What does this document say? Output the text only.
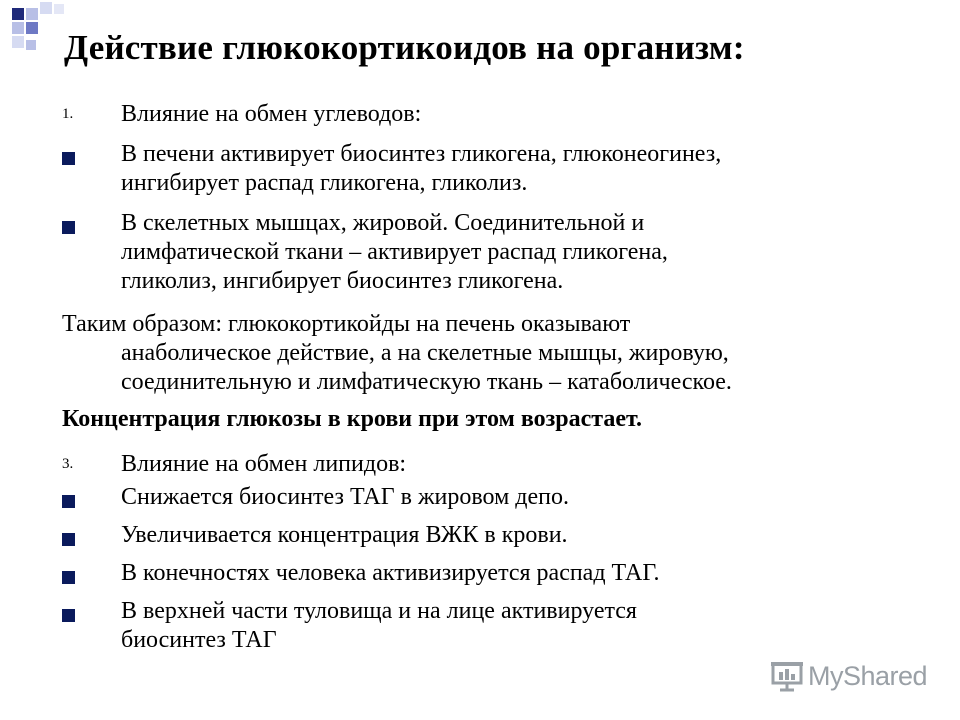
Действие глюкокортикоидов на организм:
1. Влияние на обмен углеводов:

В печени активирует биосинтез гликогена, глюконеогинез,
ингибирует распад гликогена, гликолиз.

В скелетных мышцах, жировой. Соединительной и
лимфатической ткани – активирует распад гликогена,
гликолиз, ингибирует биосинтез гликогена.

Таким образом: глюкокортикойды на печень оказывают
анаболическое действие, а на скелетные мышцы, жировую,
соединительную и лимфатическую ткань – катаболическое.

Концентрация глюкозы в крови при этом возрастает.

3. Влияние на обмен липидов:

Снижается биосинтез ТАГ в жировом депо.

Увеличивается концентрация ВЖК в крови.

В конечностях человека активизируется распад ТАГ.

В верхней части туловища и на лице активируется
биосинтез ТАГ

MyShared
